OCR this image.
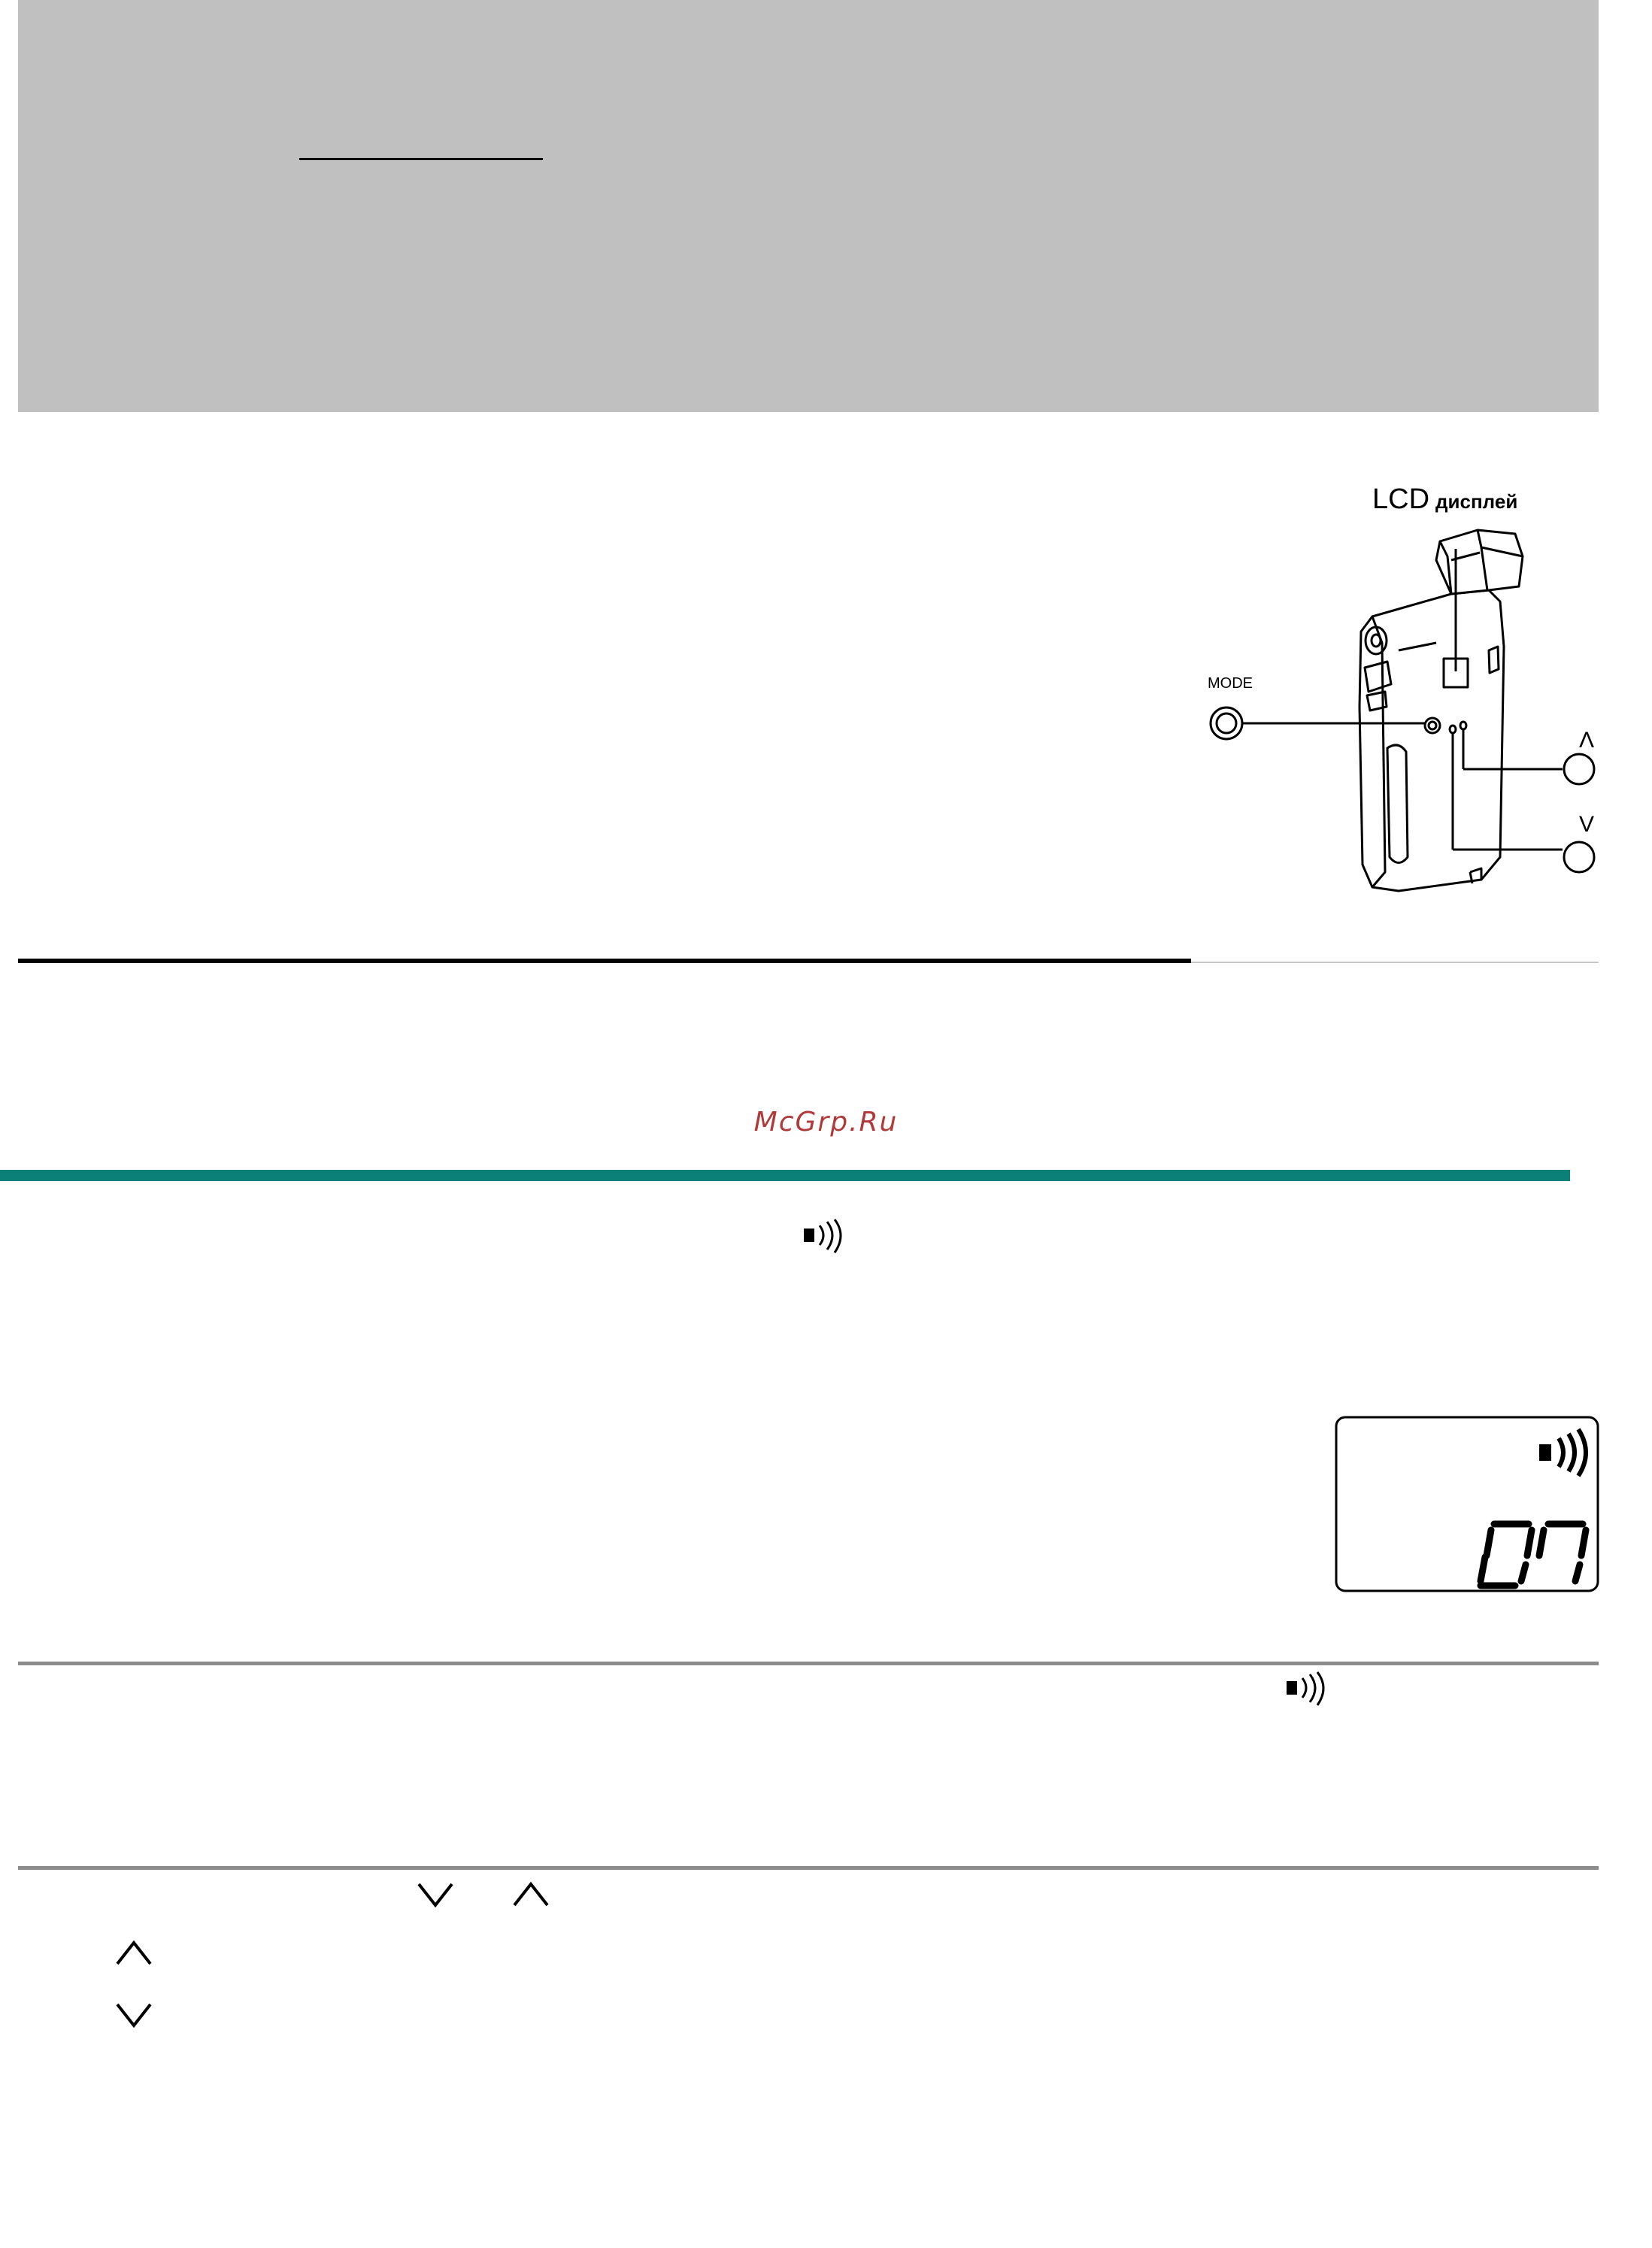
LCD дисплей
MODE
Λ
V
McGrp.Ru
07
